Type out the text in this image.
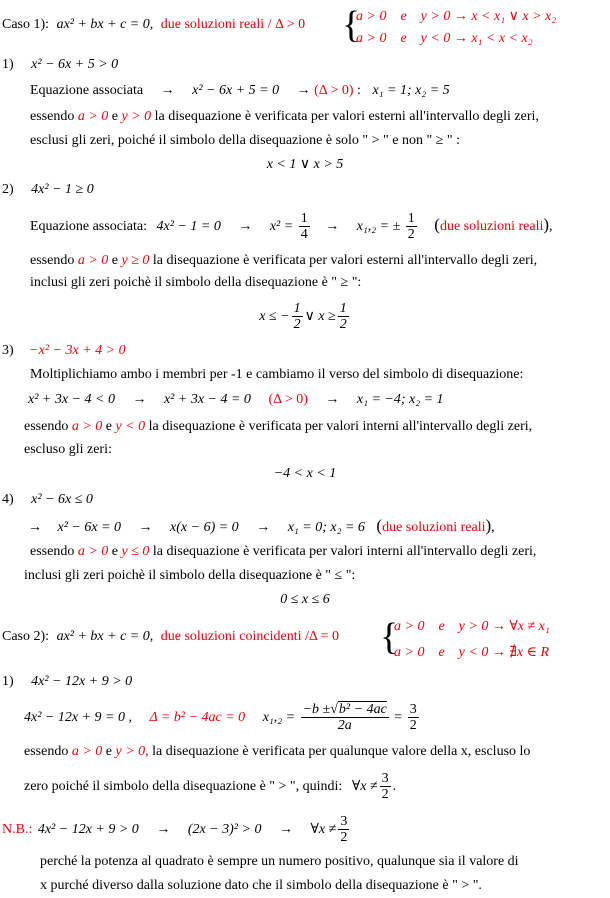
Caso 1): ax² + bx + c = 0, due soluzioni reali / Δ > 0 {
a > 0    e    y > 0 → x < x₁ ∨ x > x₂
a > 0    e    y < 0 → x₁ < x < x₂
1) x² − 6x + 5 > 0
Equazione associata → x² − 6x + 5 = 0 → (Δ > 0) : x₁ = 1; x₂ = 5
essendo a > 0 e y > 0 la disequazione è verificata per valori esterni all'intervallo degli zeri,
esclusi gli zeri, poiché il simbolo della disequazione è solo " > " e non " ≥ " :
x < 1 ∨ x > 5
2) 4x² − 1 ≥ 0
Equazione associata: $4x^2 - 1 = 0 \to x^2 = \frac{1}{4} \to x_1,_2$ = ± $\frac{1}{2} (due$ soluzioni reali),
essendo a > 0 e y ≥ 0 la disequazione è verificata per valori esterni all'intervallo degli zeri,
inclusi gli zeri poichè il simbolo della disequazione è " ≥ ":
x ≤ − $\frac{1}{2}$ ∨ $x \ge \frac{1}{2}$
3) −x² − 3x + 4 > 0
Moltiplichiamo ambo i membri per -1 e cambiamo il verso del simbolo di disequazione:
x² + 3x − 4 < 0 → x² + 3x − 4 = 0 (Δ > 0) → x₁ = −4; x₂ = 1
essendo a > 0 e y < 0 la disequazione è verificata per valori interni all'intervallo degli zeri,
escluso gli zeri:
−4 < x < 1
4) x² − 6x ≤ 0
→ x² − 6x = 0 → x(x − 6) = 0 → x₁ = 0; x₂ = 6 (due soluzioni reali),
essendo a > 0 e y ≤ 0 la disequazione è verificata per valori interni all'intervallo degli zeri,
inclusi gli zeri poichè il simbolo della disequazione è " ≤ ":
0 ≤ x ≤ 6
Caso 2): ax² + bx + c = 0, due soluzioni coincidenti /Δ = 0 {
a > 0    e    y > 0 → ∀x ≠ x₁
a > 0    e    y < 0 → ∄x ∈ R
1) 4x² − 12x + 9 > 0
4x² − 12x + 9 = 0 , Δ = b² − 4ac = 0 $x_1,_2 = \frac{\text{−b ±√b² − 4ac}}{2a} = \frac{3}{2}$
essendo a > 0 e y > 0, la disequazione è verificata per qualunque valore della x, escluso lo
zero poiché il simbolo della disequazione è " > ", quindi: ∀x ≠ $\frac{3}{2}$ .
N.B.: 4x² − 12x + 9 > 0 → (2x − 3)² > 0 → ∀x ≠ $\frac{3}{2}$
perché la potenza al quadrato è sempre un numero positivo, qualunque sia il valore di
x purché diverso dalla soluzione dato che il simbolo della disequazione è " > ".
